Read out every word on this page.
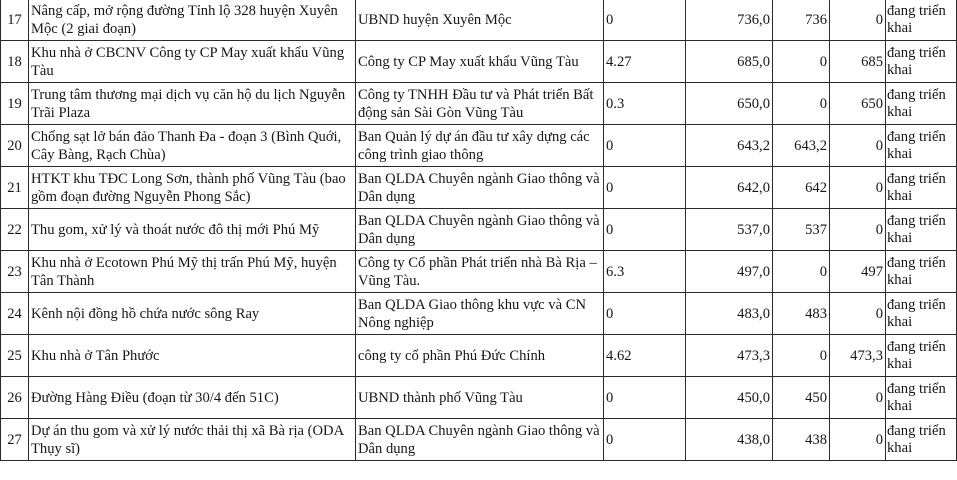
17	Nâng cấp, mở rộng đường Tỉnh lộ 328 huyện Xuyên Mộc (2 giai đoạn)	UBND huyện Xuyên Mộc	0	736,0	736	0	đang triển khai
18	Khu nhà ở CBCNV Công ty CP May xuất khẩu Vũng Tàu	Công ty CP May xuất khẩu Vũng Tàu	4.27	685,0	0	685	đang triển khai
19	Trung tâm thương mại dịch vụ căn hộ du lịch Nguyễn Trãi Plaza	Công ty TNHH Đầu tư và Phát triển Bất động sản Sài Gòn Vũng Tàu	0.3	650,0	0	650	đang triển khai
20	Chống sạt lở bán đảo Thanh Đa - đoạn 3 (Bình Quới, Cây Bàng, Rạch Chùa)	Ban Quản lý dự án đầu tư xây dựng các công trình giao thông	0	643,2	643,2	0	đang triển khai
21	HTKT khu TĐC Long Sơn, thành phố Vũng Tàu (bao gồm đoạn đường Nguyễn Phong Sắc)	Ban QLDA Chuyên ngành Giao thông và Dân dụng	0	642,0	642	0	đang triển khai
22	Thu gom, xử lý và thoát nước đô thị mới Phú Mỹ	Ban QLDA Chuyên ngành Giao thông và Dân dụng	0	537,0	537	0	đang triển khai
23	Khu nhà ở Ecotown Phú Mỹ thị trấn Phú Mỹ, huyện Tân Thành	Công ty Cổ phần Phát triển nhà Bà Rịa – Vũng Tàu.	6.3	497,0	0	497	đang triển khai
24	Kênh nội đồng hồ chứa nước sông Ray	Ban QLDA Giao thông khu vực và CN Nông nghiệp	0	483,0	483	0	đang triển khai
25	Khu nhà ở Tân Phước	công ty cổ phần Phú Đức Chính	4.62	473,3	0	473,3	đang triển khai
26	Đường Hàng Điều (đoạn từ 30/4 đến 51C)	UBND thành phố Vũng Tàu	0	450,0	450	0	đang triển khai
27	Dự án thu gom và xử lý nước thải thị xã Bà rịa (ODA Thụy sĩ)	Ban QLDA Chuyên ngành Giao thông và Dân dụng	0	438,0	438	0	đang triển khai
